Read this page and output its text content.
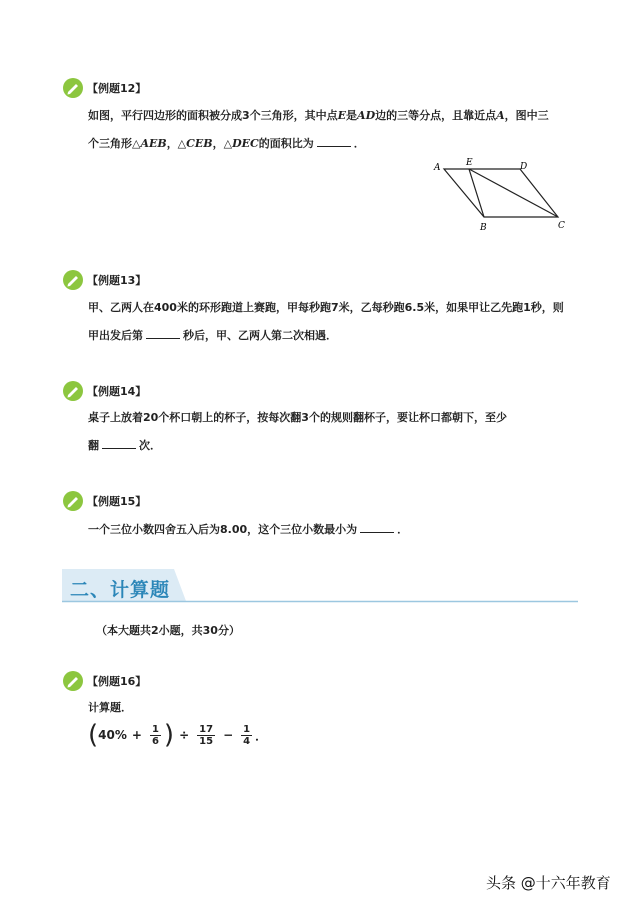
【例题12】
如图，平行四边形的面积被分成3个三角形，其中点E是AD边的三等分点，且靠近点A，图中三
个三角形△AEB，△CEB，△DEC的面积比为	．
A	E	D
B	C
【例题13】
甲、乙两人在400米的环形跑道上赛跑，甲每秒跑7米，乙每秒跑6.5米，如果甲让乙先跑1秒，则
甲出发后第	秒后，甲、乙两人第二次相遇．
【例题14】
桌子上放着20个杯口朝上的杯子，按每次翻3个的规则翻杯子，要让杯口都朝下，至少
翻	次．
【例题15】
一个三位小数四舍五入后为8.00，这个三位小数最小为	．
二、计算题
（本大题共2小题，共30分）
【例题16】
计算题．
( $40\% + \frac{1}{6}$ ) ÷ $\frac{17}{15} - \frac{1}{4}$ ．
头条 @十六年教育
